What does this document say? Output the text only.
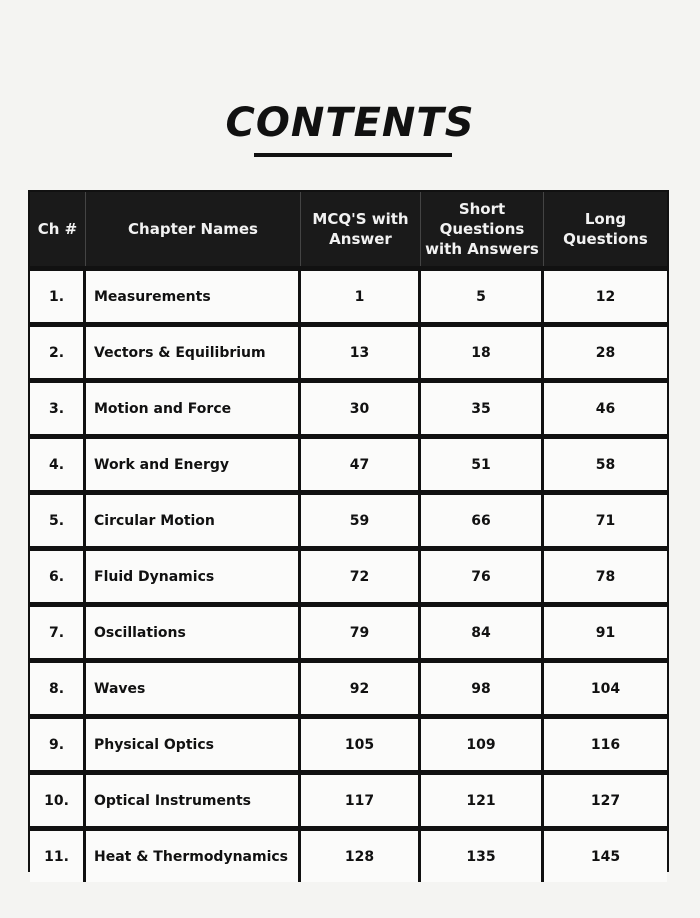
CONTENTS
Ch #	Chapter Names	MCQ'S with Answer	Short Questions with Answers	Long Questions
1.	Measurements	1	5	12
2.	Vectors & Equilibrium	13	18	28
3.	Motion and Force	30	35	46
4.	Work and Energy	47	51	58
5.	Circular Motion	59	66	71
6.	Fluid Dynamics	72	76	78
7.	Oscillations	79	84	91
8.	Waves	92	98	104
9.	Physical Optics	105	109	116
10.	Optical Instruments	117	121	127
11.	Heat & Thermodynamics	128	135	145
